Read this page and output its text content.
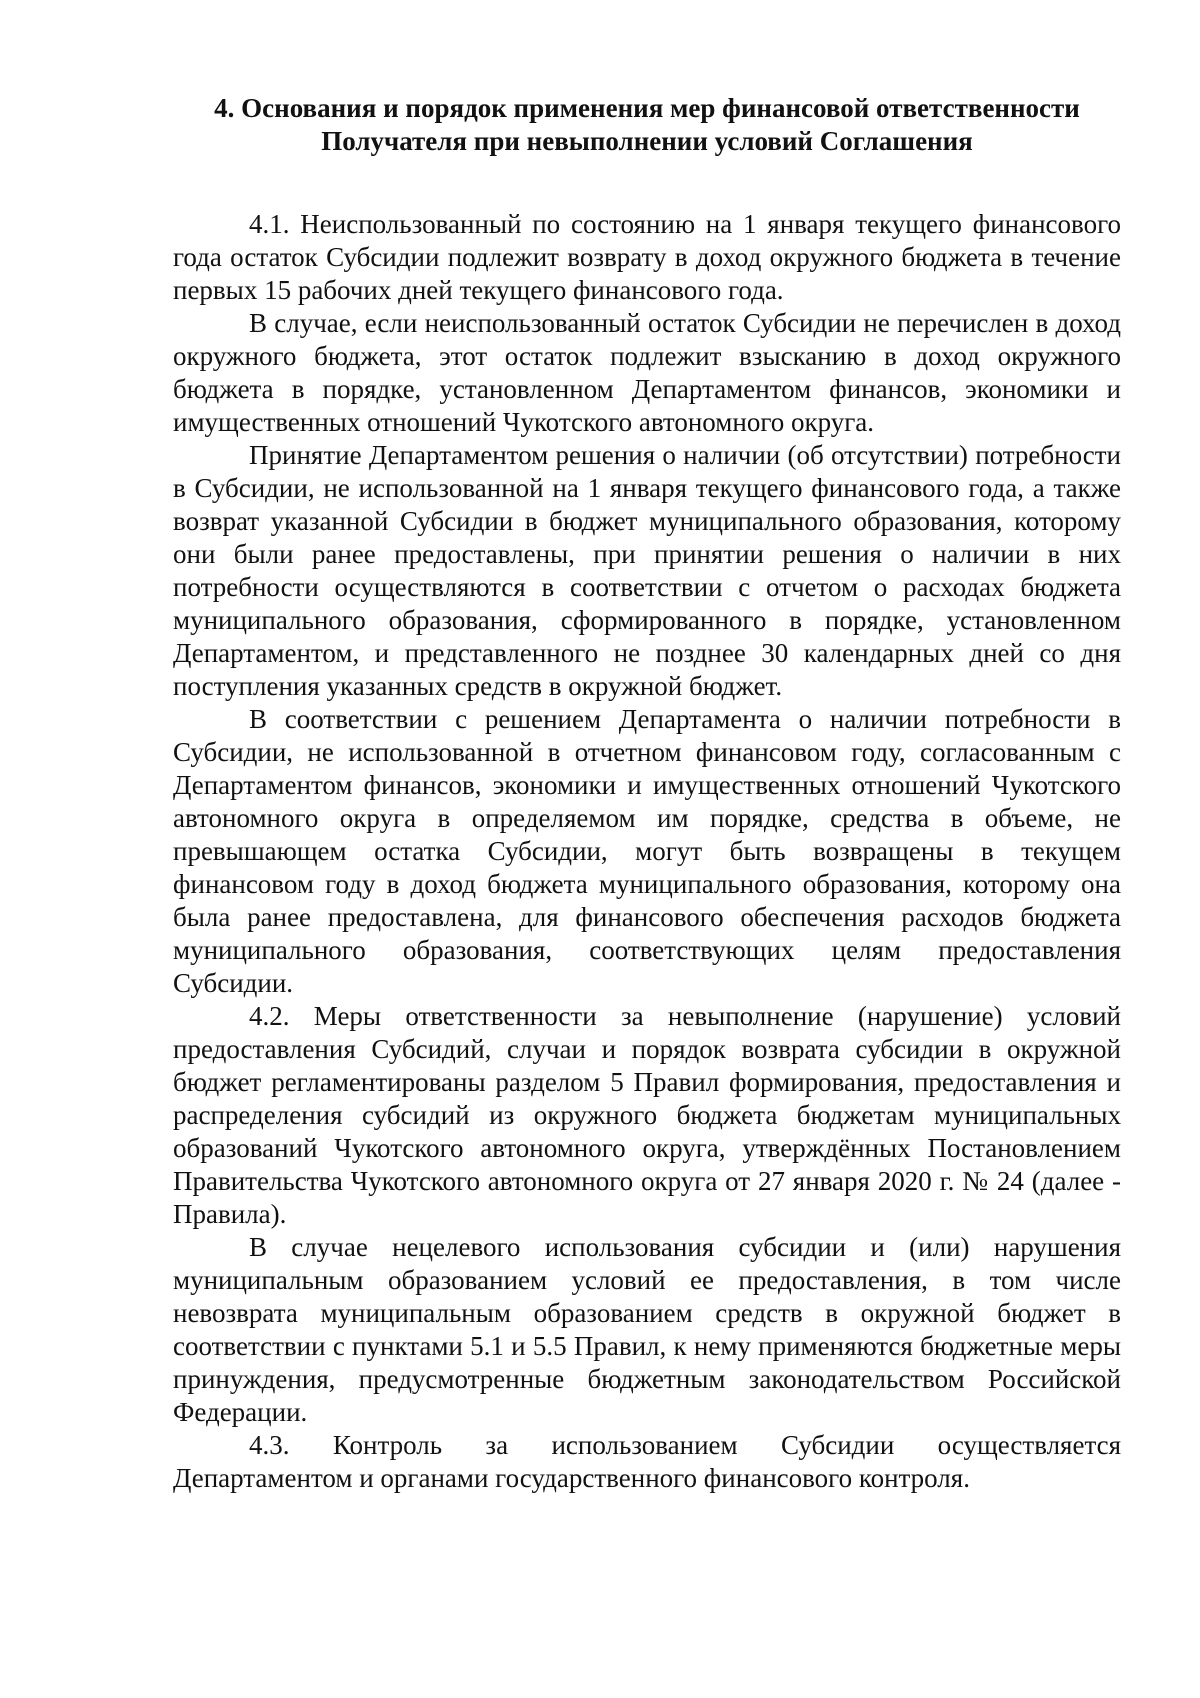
4. Основания и порядок применения мер финансовой ответственности
Получателя при невыполнении условий Соглашения

4.1. Неиспользованный по состоянию на 1 января текущего финансового года остаток Субсидии подлежит возврату в доход окружного бюджета в течение первых 15 рабочих дней текущего финансового года.

В случае, если неиспользованный остаток Субсидии не перечислен в доход окружного бюджета, этот остаток подлежит взысканию в доход окружного бюджета в порядке, установленном Департаментом финансов, экономики и имущественных отношений Чукотского автономного округа.

Принятие Департаментом решения о наличии (об отсутствии) потребности в Субсидии, не использованной на 1 января текущего финансового года, а также возврат указанной Субсидии в бюджет муниципального образования, которому они были ранее предоставлены, при принятии решения о наличии в них потребности осуществляются в соответствии с отчетом о расходах бюджета муниципального образования, сформированного в порядке, установленном Департаментом, и представленного не позднее 30 календарных дней со дня поступления указанных средств в окружной бюджет.

В соответствии с решением Департамента о наличии потребности в Субсидии, не использованной в отчетном финансовом году, согласованным с Департаментом финансов, экономики и имущественных отношений Чукотского автономного округа в определяемом им порядке, средства в объеме, не превышающем остатка Субсидии, могут быть возвращены в текущем финансовом году в доход бюджета муниципального образования, которому она была ранее предоставлена, для финансового обеспечения расходов бюджета муниципального образования, соответствующих целям предоставления Субсидии.

4.2. Меры ответственности за невыполнение (нарушение) условий предоставления Субсидий, случаи и порядок возврата субсидии в окружной бюджет регламентированы разделом 5 Правил формирования, предоставления и распределения субсидий из окружного бюджета бюджетам муниципальных образований Чукотского автономного округа, утверждённых Постановлением Правительства Чукотского автономного округа от 27 января 2020 г. № 24 (далее - Правила).

В случае нецелевого использования субсидии и (или) нарушения муниципальным образованием условий ее предоставления, в том числе невозврата муниципальным образованием средств в окружной бюджет в соответствии с пунктами 5.1 и 5.5 Правил, к нему применяются бюджетные меры принуждения, предусмотренные бюджетным законодательством Российской Федерации.

4.3. Контроль за использованием Субсидии осуществляется Департаментом и органами государственного финансового контроля.
